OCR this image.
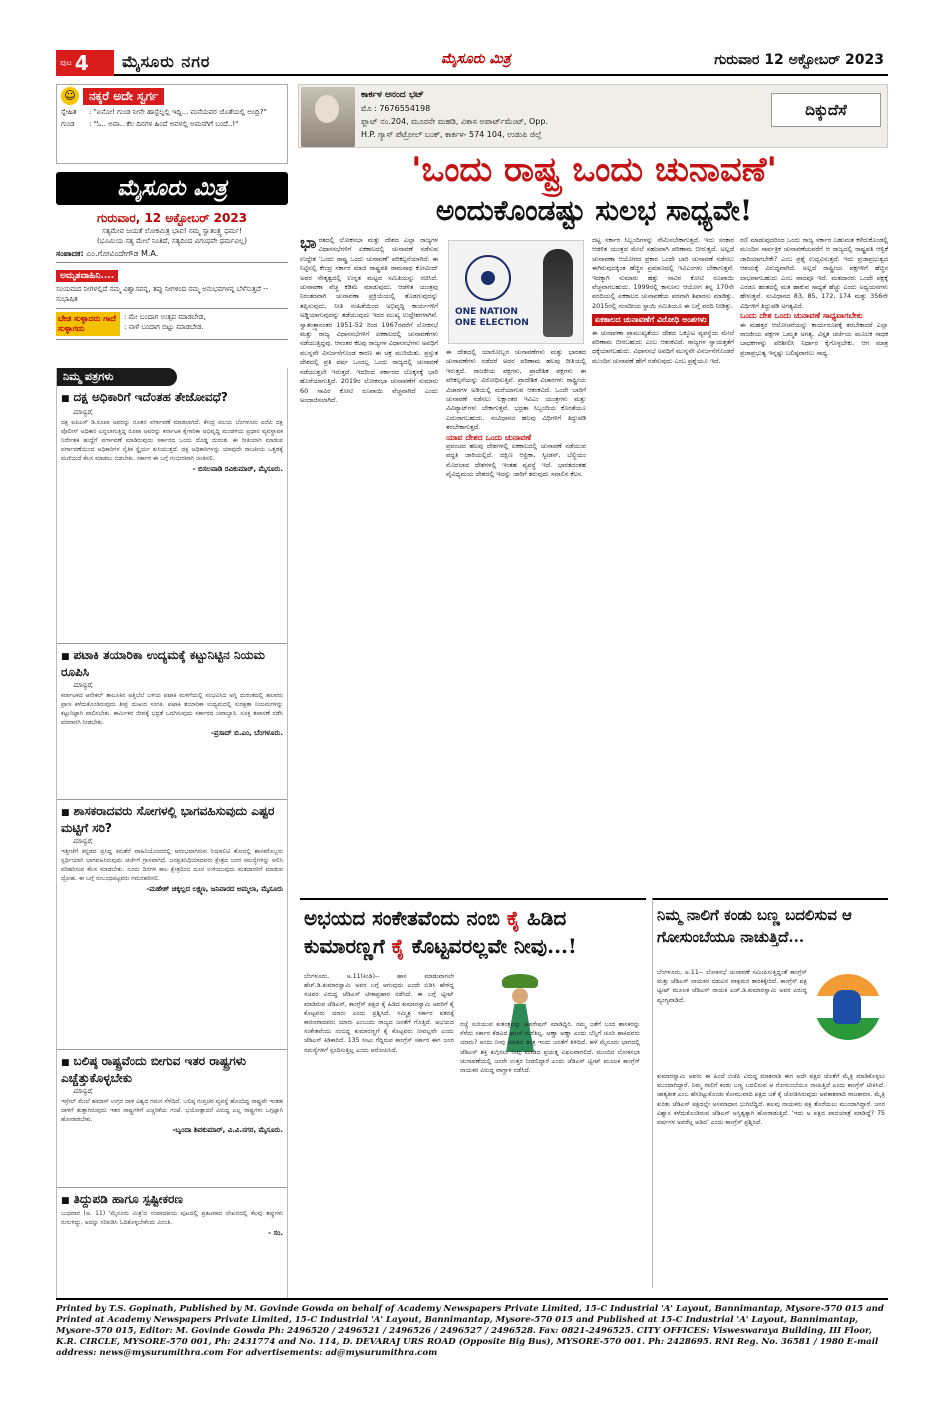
ಪುಟ 4 ಮೈಸೂರು ನಗರ	ಮೈಸೂರು ಮಿತ್ರ	ಗುರುವಾರ 12 ಅಕ್ಟೋಬರ್ 2023
☺	ನಕ್ಕರೆ ಅದೇ ಸ್ವರ್ಗ
ಸ್ನೇಹಿತ	: "ಏನೋ! ಗುಂಡ ನೀನೇ ಹಾಸ್ಟೆಲ್ನಲ್ಲಿ ಇದ್ದಿ... ಮನೆಯವರ ಜೊತೆಯಲ್ಲಿ ಅಂದ್ರಿ?"
ಗುಂಡ	: "ಓ.. ಅವಾ.. ಕೆಲ ದಿನಗಳ ಹಿಂದೆ ಅವಳಲ್ಲಿ ಅಮನಗಿಗೆ ಬಂದೆ..!"
ಮೈಸೂರು ಮಿತ್ರ
ಗುರುವಾರ, 12 ಅಕ್ಟೋಬರ್ 2023
ಸತ್ಯಮೇವ ಜಯತೆ ಲೋಕಮಿತ್ರ ಭಾವ! ನಮ್ಮ ಸ್ವಾತಂತ್ರ್ಯ ಧರ್ಮ!
(ಭೂಮಿಯ ಸತ್ಯ ಮೇಲೆ ನಿಂತಿದೆ, ಸತ್ಯದಿಂದ ವಿಗಂಧವೇ ಧರ್ಮವಿಲ್ಲ)
ಸಂಪಾದಕ: ಎಂ.ಗೋವಿಂದೇಗೌಡ M.A.
ಅಮೃತವಾಹಿನಿ....
ಸಂಯಮದ ನೀಗಳಲ್ಲಿದೆ ನಮ್ಮ ವಿಶ್ವಾಸವನ್ನ, ತಪ್ಪು ನೀಗಳಿಂದ ನಮ್ಮ ಅನುಭವಗಳನ್ನ ಬೆಳೆಸುತ್ತದೆ -- ಸುಭಾಷಿತ
ಬೇಡ ಸುಳ್ಳಾದರು ಗಾದೆ ಸುಳ್ಳಾಗದು
: ಮೇ ಬಂದಾಗ ಉತ್ಸವ ಮಾಡಬೇಡ,
: ನಾಳೆ ಬಂದಾಗ ಬಿಟ್ಟು ಮಾಡಬೇಡ.
ನಿಮ್ಮ ಪತ್ರಗಳು
■ ದಕ್ಷ ಅಧಿಕಾರಿಗೆ ಇದೆಂತಹ ತೇಜೋವಧೆ?
ಮಾನ್ಯರೆ,
ದಕ್ಷ ಐಪಿಎಸ್ ಡಿ.ರೂಪಾ ಅವರನ್ನು ನೂತನ ವರ್ಗಾವಣೆ ಮಾಡಲಾಗಿದೆ. ಕೇಂದ್ರ ವಲಯ ಬೆಂಗಳೂರು ಐಜಿಪಿ ದಕ್ಷ ಪೊಲೀಸ್ ಅಧಿಕಾರಿ ಎನ್ನಲಾಗುತ್ತಿದ್ದ ರೂಪಾ ಅವರನ್ನು ಕರ್ನಾಟಕ ಕೈಗಾರಿಕಾ ಅಭಿವೃದ್ಧಿ ಮಂಡಳಿಯ ಪ್ರಧಾನ ವ್ಯವಸ್ಥಾಪಕ ನಿರ್ದೇಶಕ ಹುದ್ದೆಗೆ ವರ್ಗಾವಣೆ ಮಾಡಿರುವುದು ಸರ್ಕಾರದ ಒಂದು ದೊಡ್ಡ ದುರಂತ. ಈ ರೀತಿಯಾಗಿ ಮಾಡುವ ವರ್ಗಾವಣೆಯಿಂದ ಅಧಿಕಾರಿಗಳ ನೈತಿಕ ಸ್ಥೈರ್ಯ ಕುಸಿಯುತ್ತದೆ. ದಕ್ಷ ಅಧಿಕಾರಿಗಳನ್ನು ಯಾವುದೇ ರಾಜಕೀಯ ಒತ್ತಡಕ್ಕೆ ಮಣಿಯದೆ ಕೆಲಸ ಮಾಡಲು ಬಿಡಬೇಕು. ಸರ್ಕಾರ ಈ ಬಗ್ಗೆ ಗಂಭೀರವಾಗಿ ಚಿಂತಿಸಲಿ.
- ಬಿಸಲವಾಡಿ ರವಿಕುಮಾರ್, ಮೈಸೂರು.
■ ಪಟಾಕಿ ತಯಾರಿಕಾ ಉದ್ಯಮಕ್ಕೆ ಕಟ್ಟುನಿಟ್ಟಿನ ನಿಯಮ ರೂಪಿಸಿ
ಮಾನ್ಯರೆ,
ಕರ್ನಾಟಕದ ಆನೇಕಲ್ ತಾಲೂಕಿನ ಅತ್ತಿಬೆಲೆ ಬಳಿಯ ಪಟಾಕಿ ಮಳಿಗೆಯಲ್ಲಿ ಸಂಭವಿಸಿದ ಅಗ್ನಿ ದುರಂತದಲ್ಲಿ ಹಲವರು ಪ್ರಾಣ ಕಳೆದುಕೊಂಡಿರುವುದು ತೀವ್ರ ದುಃಖದ ಸಂಗತಿ. ಪಟಾಕಿ ತಯಾರಿಕಾ ಉದ್ಯಮದಲ್ಲಿ ಸುರಕ್ಷತಾ ನಿಯಮಗಳನ್ನು ಕಟ್ಟುನಿಟ್ಟಾಗಿ ಪಾಲಿಸಬೇಕು. ಕಾರ್ಮಿಕರ ಜೀವಕ್ಕೆ ಭದ್ರತೆ ಒದಗಿಸುವುದು ಸರ್ಕಾರದ ಜವಾಬ್ದಾರಿ. ಸೂಕ್ತ ತಪಾಸಣೆ ನಡೆಸಿ ಪರವಾನಗಿ ನೀಡಬೇಕು.
-ಪ್ರಸಾದ್ ಬಿ.ಎಂ, ಬೆಂಗಳೂರು.
■ ಶಾಸಕರಾದವರು ಸೋಗಳಲ್ಲಿ ಭಾಗವಹಿಸುವುದು ಎಷ್ಟರ ಮಟ್ಟಿಗೆ ಸರಿ?
ಮಾನ್ಯರೆ,
ಇತ್ತೀಚೆಗೆ ಕನ್ನಡದ ಪ್ರಸಿದ್ಧ ಕಿರುತೆರೆ ವಾಹಿನಿಯೊಂದರಲ್ಲಿ ಆರಂಭವಾಗಿರುವ ರಿಯಾಲಿಟಿ ಶೋನಲ್ಲಿ ಶಾಸಕರೊಬ್ಬರು ಸ್ಪರ್ಧಿಯಾಗಿ ಭಾಗವಹಿಸಿರುವುದು ಚರ್ಚೆಗೆ ಗ್ರಾಸವಾಗಿದೆ. ಜನಪ್ರತಿನಿಧಿಯಾದವರು ಕ್ಷೇತ್ರದ ಜನರ ಸಮಸ್ಯೆಗಳನ್ನು ಆಲಿಸಿ ಪರಿಹರಿಸುವ ಕೆಲಸ ಮಾಡಬೇಕು. ನೂರು ದಿನಗಳ ಕಾಲ ಕ್ಷೇತ್ರದಿಂದ ದೂರ ಉಳಿಯುವುದು ಮತದಾರರಿಗೆ ಮಾಡುವ ದ್ರೋಹ. ಈ ಬಗ್ಗೆ ಸಂಬಂಧಪಟ್ಟವರು ಗಮನಹರಿಸಲಿ.
-ಮಹೇಶ್ ಚಿಕ್ಕಲ್ಲದ ಲಕ್ಷ್ಮಣ, ಜನಿವಾರದ ಅಮ್ಮಲಾ, ಮೈಸೂರು
■ ಬಲಿಷ್ಠ ರಾಷ್ಟ್ರವೆಂದು ಬೀಗುವ ಇತರ ರಾಷ್ಟ್ರಗಳು ಎಚ್ಚೆತ್ತುಕೊಳ್ಳಬೇಕು
ಮಾನ್ಯರೆ,
ಇಸ್ರೇಲ್ ಮೇಲೆ ಹಮಾಸ್ ಉಗ್ರರ ದಾಳಿ ವಿಶ್ವದ ಗಮನ ಸೆಳೆದಿದೆ. ಬಲಿಷ್ಠ ಗುಪ್ತಚರ ವ್ಯವಸ್ಥೆ ಹೊಂದಿದ್ದ ರಾಷ್ಟ್ರವೇ ಇಂತಹ ದಾಳಿಗೆ ತುತ್ತಾಗಿರುವುದು ಇತರ ರಾಷ್ಟ್ರಗಳಿಗೆ ಎಚ್ಚರಿಕೆಯ ಗಂಟೆ. ಭಯೋತ್ಪಾದನೆ ವಿರುದ್ಧ ಎಲ್ಲ ರಾಷ್ಟ್ರಗಳು ಒಗ್ಗಟ್ಟಾಗಿ ಹೋರಾಡಬೇಕು.
-ಬೃಂದಾ ಶಿವಕುಮಾರ್, ವಿ.ವಿ.ನಗರ, ಮೈಸೂರು.
■ ತಿದ್ದುಪಡಿ ಹಾಗೂ ಸ್ಪಷ್ಟೀಕರಣ
ಬುಧವಾರ (ಅ. 11) 'ಮೈಸೂರು ಮಿತ್ರ'ದ ಸಂಪಾದಕೀಯ ಪುಟದಲ್ಲಿ ಪ್ರಕಟವಾದ ಲೇಖನದಲ್ಲಿ ಕೆಲವು ತಪ್ಪುಗಳು ನುಸುಳಿದ್ದು, ಅದನ್ನು ಸರಿಪಡಿಸಿ ಓದಿಕೊಳ್ಳಬೇಕೆಂದು ವಿನಂತಿ.
- ಸಂ.
ಕಾರ್ಕಳ ಆನಂದ ಭಟ್
ಮೊ : 7676554198
ಫ್ಲಾಟ್ ನಂ.204, ಮೂರನೇ ಮಹಡಿ, ವಿಕಾಸ ಅಪಾರ್ಟ್‌ಮೆಂಟ್, Opp.
H.P. ಗ್ಯಾಸ್ ಪೆಟ್ರೋಲ್ ಬಂಕ್, ಕಾರ್ಕಳ- 574 104, ಉಡುಪಿ ಜಿಲ್ಲೆ
ದಿಕ್ಕುದೆಸೆ
'ಒಂದು ರಾಷ್ಟ್ರ ಒಂದು ಚುನಾವಣೆ'
ಅಂದುಕೊಂಡಷ್ಟು ಸುಲಭ ಸಾಧ್ಯವೇ!
ONE NATION
ONE ELECTION
ಭಾ ರತದಲ್ಲಿ ಲೋಕಸಭಾ ಮತ್ತು ದೇಶದ ಎಲ್ಲಾ ರಾಜ್ಯಗಳ ವಿಧಾನಸಭೆಗಳಿಗೆ ಏಕಕಾಲದಲ್ಲಿ ಚುನಾವಣೆ ನಡೆಸುವ ಉದ್ದೇಶ 'ಒಂದು ರಾಷ್ಟ್ರ ಒಂದು ಚುನಾವಣೆ' ಪರಿಕಲ್ಪನೆಯಾಗಿದೆ. ಈ ನಿಟ್ಟಿನಲ್ಲಿ ಕೇಂದ್ರ ಸರ್ಕಾರ ಮಾಜಿ ರಾಷ್ಟ್ರಪತಿ ರಾಮನಾಥ ಕೋವಿಂದ್ ಅವರ ನೇತೃತ್ವದಲ್ಲಿ ಉನ್ನತ ಮಟ್ಟದ ಸಮಿತಿಯನ್ನು ರಚಿಸಿದೆ. ಚುನಾವಣಾ ವೆಚ್ಚ ಕಡಿಮೆ ಮಾಡುವುದು, ಆಡಳಿತ ಯಂತ್ರವು ನಿರಂತರವಾಗಿ ಚುನಾವಣಾ ಪ್ರಕ್ರಿಯೆಯಲ್ಲಿ ತೊಡಗುವುದನ್ನು ತಪ್ಪಿಸುವುದು, ನೀತಿ ಸಂಹಿತೆಯಿಂದ ಅಭಿವೃದ್ಧಿ ಕಾರ್ಯಗಳಿಗೆ ಅಡ್ಡಿಯಾಗುವುದನ್ನು ತಡೆಯುವುದು ಇದರ ಮುಖ್ಯ ಉದ್ದೇಶಗಳಾಗಿವೆ. ಸ್ವಾತಂತ್ರ್ಯಾನಂತರ 1951-52 ರಿಂದ 1967ರವರೆಗೆ ಲೋಕಸಭೆ ಮತ್ತು ರಾಜ್ಯ ವಿಧಾನಸಭೆಗಳಿಗೆ ಏಕಕಾಲದಲ್ಲಿ ಚುನಾವಣೆಗಳು ನಡೆಯುತ್ತಿದ್ದವು. ಆನಂತರ ಕೆಲವು ರಾಜ್ಯಗಳ ವಿಧಾನಸಭೆಗಳು ಅವಧಿಗೆ ಮುನ್ನವೇ ವಿಸರ್ಜನೆಗೊಂಡ ಕಾರಣ ಈ ಚಕ್ರ ಮುರಿಯಿತು. ಪ್ರಸ್ತುತ ದೇಶದಲ್ಲಿ ಪ್ರತಿ ವರ್ಷ ಒಂದಲ್ಲ ಒಂದು ರಾಜ್ಯದಲ್ಲಿ ಚುನಾವಣೆ ನಡೆಯುತ್ತಲೇ ಇರುತ್ತದೆ. ಇದರಿಂದ ಸರ್ಕಾರದ ಬೊಕ್ಕಸಕ್ಕೆ ಭಾರಿ ಹೊರೆಯಾಗುತ್ತಿದೆ. 2019ರ ಲೋಕಸಭಾ ಚುನಾವಣೆಗೆ ಸುಮಾರು 60 ಸಾವಿರ ಕೋಟಿ ರೂಪಾಯಿ ವೆಚ್ಚವಾಗಿದೆ ಎಂದು ಅಂದಾಜಿಸಲಾಗಿದೆ.
ಈ ದೇಶದಲ್ಲಿ ಯಾರೋಬ್ಬರ ಚುನಾವಣೆಗಳು ಮತ್ತು ಭಾರತದ ಚುನಾವಣೆಗಳು ನಡೆದರೆ ಅದರ ಪರಿಣಾಮ ಹಲವು ರೀತಿಯಲ್ಲಿ ಇರುತ್ತದೆ. ರಾಜಕೀಯ ಪಕ್ಷಗಳು, ಪ್ರಾದೇಶಿಕ ಪಕ್ಷಗಳು ಈ ಪರಿಕಲ್ಪನೆಯನ್ನು ವಿರೋಧಿಸುತ್ತಿವೆ. ಪ್ರಾದೇಶಿಕ ವಿಚಾರಗಳು ರಾಷ್ಟ್ರೀಯ ವಿಚಾರಗಳ ಅಡಿಯಲ್ಲಿ ಮರೆಯಾಗುವ ಆತಂಕವಿದೆ. ಒಂದೇ ಬಾರಿಗೆ ಚುನಾವಣೆ ನಡೆಸಲು ಲಕ್ಷಾಂತರ ಇವಿಎಂ ಯಂತ್ರಗಳು ಮತ್ತು ವಿವಿಪ್ಯಾಟ್‌ಗಳು ಬೇಕಾಗುತ್ತವೆ. ಭದ್ರತಾ ಸಿಬ್ಬಂದಿಯ ಕೊರತೆಯೂ ಎದುರಾಗಬಹುದು. ಸಂವಿಧಾನದ ಹಲವು ವಿಧಿಗಳಿಗೆ ತಿದ್ದುಪಡಿ ತರಬೇಕಾಗುತ್ತದೆ.
ಯಾವ ದೇಶದ ಒಂದು ಚುನಾವಣೆ
ಪ್ರಪಂಚದ ಹಲವು ದೇಶಗಳಲ್ಲಿ ಏಕಕಾಲದಲ್ಲಿ ಚುನಾವಣೆ ನಡೆಯುವ ಪದ್ಧತಿ ಜಾರಿಯಲ್ಲಿದೆ. ದಕ್ಷಿಣ ಆಫ್ರಿಕಾ, ಸ್ವೀಡನ್, ಬೆಲ್ಜಿಯಂ ಮೊದಲಾದ ದೇಶಗಳಲ್ಲಿ ಇಂತಹ ವ್ಯವಸ್ಥೆ ಇದೆ. ಭಾರತದಂತಹ ವೈವಿಧ್ಯಮಯ ದೇಶದಲ್ಲಿ ಇದನ್ನು ಜಾರಿಗೆ ತರುವುದು ಸವಾಲಿನ ಕೆಲಸ.
ದಟ್ಟ ಸರ್ಕಾರ ಸಿಬ್ಬಂದಿಗಳನ್ನು ನೇಮಿಸಬೇಕಾಗುತ್ತದೆ. ಇದು ಸರಕಾರ ಆಡಳಿತ ಯಂತ್ರದ ಮೇಲೆ ಸಹಜವಾಗಿ ಪರಿಣಾಮ ಬೀರುತ್ತದೆ. ಅಲ್ಲದೆ ಚುನಾವಣಾ ಆಯೋಗದ ಪ್ರಕಾರ ಒಂದೇ ಬಾರಿ ಚುನಾವಣೆ ನಡೆಸಲು ಈಗಿರುವುದಕ್ಕಿಂತ ಹೆಚ್ಚಿನ ಪ್ರಮಾಣದಲ್ಲಿ ಇವಿಎಂಗಳು ಬೇಕಾಗುತ್ತವೆ. ಇದಕ್ಕಾಗಿ ಸುಮಾರು ಹತ್ತು ಸಾವಿರ ಕೋಟಿ ರೂಪಾಯಿ ವೆಚ್ಚವಾಗಬಹುದು. 1999ರಲ್ಲಿ ಕಾನೂನು ಆಯೋಗ ತನ್ನ 170ನೇ ವರದಿಯಲ್ಲಿ ಏಕಕಾಲದ ಚುನಾವಣೆಯ ಪರವಾಗಿ ಶಿಫಾರಸು ಮಾಡಿತ್ತು. 2015ರಲ್ಲಿ ಸಂಸದೀಯ ಸ್ಥಾಯಿ ಸಮಿತಿಯೂ ಈ ಬಗ್ಗೆ ವರದಿ ನೀಡಿತ್ತು.
ಏಕಕಾಲದ ಚುನಾವಣೆಗೆ ವಿರೋಧಿ ಅಂಶಗಳು
ಈ ಚುನಾವಣಾ ಪ್ರಾಮುಖ್ಯತೆಯು ದೇಶದ ಒಕ್ಕೂಟ ವ್ಯವಸ್ಥೆಯ ಮೇಲೆ ಪರಿಣಾಮ ಬೀರಬಹುದು ಎಂಬ ಆತಂಕವಿದೆ. ರಾಜ್ಯಗಳ ಸ್ವಾಯತ್ತತೆಗೆ ಧಕ್ಕೆಯಾಗಬಹುದು. ವಿಧಾನಸಭೆ ಅವಧಿಗೆ ಮುನ್ನವೇ ವಿಸರ್ಜನೆಗೊಂಡರೆ ಮುಂದಿನ ಚುನಾವಣೆ ಹೇಗೆ ನಡೆಸುವುದು ಎಂಬ ಪ್ರಶ್ನೆಯೂ ಇದೆ.
ರಣಿ ಮಾಡುವುದರಿಂದ ಒಂದು ರಾಜ್ಯ ಸರ್ಕಾರ ಬಹುಮತ ಕಳೆದುಕೊಂಡಲ್ಲಿ ಮುಂದಿನ ಸಾರ್ವತ್ರಿಕ ಚುನಾವಣೆಯವರೆಗೆ ಆ ರಾಜ್ಯದಲ್ಲಿ ರಾಷ್ಟ್ರಪತಿ ಆಳ್ವಿಕೆ ಜಾರಿಯಾಗಬೇಕೇ? ಎಂಬ ಪ್ರಶ್ನೆ ಉದ್ಭವಿಸುತ್ತದೆ. ಇದು ಪ್ರಜಾಪ್ರಭುತ್ವದ ಆಶಯಕ್ಕೆ ವಿರುದ್ಧವಾಗಿದೆ. ಅಲ್ಲದೆ ರಾಷ್ಟ್ರೀಯ ಪಕ್ಷಗಳಿಗೆ ಹೆಚ್ಚಿನ ಲಾಭವಾಗಬಹುದು ಎಂಬ ವಾದವೂ ಇದೆ. ಮತದಾರರು ಒಂದೇ ಪಕ್ಷಕ್ಕೆ ಎರಡೂ ಹಂತದಲ್ಲಿ ಮತ ಹಾಕುವ ಸಾಧ್ಯತೆ ಹೆಚ್ಚು ಎಂದು ಅಧ್ಯಯನಗಳು ಹೇಳುತ್ತವೆ. ಸಂವಿಧಾನದ 83, 85, 172, 174 ಮತ್ತು 356ನೇ ವಿಧಿಗಳಿಗೆ ತಿದ್ದುಪಡಿ ಅಗತ್ಯವಿದೆ.
ಒಂದು ದೇಶ ಒಂದು ಚುನಾವಣೆ ಸಾಧ್ಯವಾಗಬೇಕು
ಈ ಮಹತ್ತರ ಆಲೋಚನೆಯನ್ನು ಕಾರ್ಯರೂಪಕ್ಕೆ ತರಬೇಕಾದರೆ ಎಲ್ಲಾ ರಾಜಕೀಯ ಪಕ್ಷಗಳ ಒಮ್ಮತ ಅಗತ್ಯ. ವಿಸ್ತೃತ ಚರ್ಚೆಯ ಮೂಲಕ ಸಾಧಕ ಬಾಧಕಗಳನ್ನು ಪರಿಶೀಲಿಸಿ ನಿರ್ಧಾರ ಕೈಗೊಳ್ಳಬೇಕು. ಆಗ ಮಾತ್ರ ಪ್ರಜಾಪ್ರಭುತ್ವ ಇನ್ನಷ್ಟು ಬಲಿಷ್ಠವಾಗಲು ಸಾಧ್ಯ.
ಅಭಯದ ಸಂಕೇತವೆಂದು ನಂಬಿ ಕೈ ಹಿಡಿದ ಕುಮಾರಣ್ಣಗೆ ಕೈ ಕೊಟ್ಟವರಲ್ಲವೇ ನೀವು...!
ಬೆಂಗಳೂರು, ಅ.11(ಕಿಂಡಿ)-- ಹಾಸ ಮಾಡುವಾಗಲೇ ಹೆಚ್.ಡಿ.ಕುಮಾರಸ್ವಾಮಿ ಅವರ ಬಗ್ಗೆ ಆಗುವುದು ಎಂದೇ ಬಿಡಿಸಿ ಹೇಳಿದ್ದ ಸಚಿವರ ವಿರುದ್ಧ ಜೆಡಿಎಸ್ ಟೀಕಾಪ್ರಹಾರ ನಡೆಸಿದೆ. ಈ ಬಗ್ಗೆ ಟ್ವೀಟ್ ಮಾಡಿರುವ ಜೆಡಿಎಸ್, ಕಾಂಗ್ರೆಸ್ ಪಕ್ಷದ ಕೈ ಹಿಡಿದ ಕುಮಾರಸ್ವಾಮಿ ಅವರಿಗೆ ಕೈ ಕೊಟ್ಟವರು ಯಾರು ಎಂದು ಪ್ರಶ್ನಿಸಿದೆ. ಸಮ್ಮಿಶ್ರ ಸರ್ಕಾರ ಪತನಕ್ಕೆ ಕಾರಣರಾದವರು ಯಾರು ಎಂಬುದು ರಾಜ್ಯದ ಜನತೆಗೆ ಗೊತ್ತಿದೆ. ಅಭಯದ ಸಂಕೇತವೆಂದು ನಂಬಿದ್ದ ಕುಮಾರಣ್ಣಗೆ ಕೈ ಕೊಟ್ಟವರು ನೀವಲ್ಲವೇ ಎಂದು ಜೆಡಿಎಸ್ ಕಿಡಿಕಾರಿದೆ. 135 ಸೀಟು ಗೆದ್ದಿರುವ ಕಾಂಗ್ರೆಸ್ ಸರ್ಕಾರ ಈಗ ಜನರ ಸಮಸ್ಯೆಗಳಿಗೆ ಸ್ಪಂದಿಸುತ್ತಿಲ್ಲ ಎಂದು ಆರೋಪಿಸಿದೆ.
ರಚ್ಚೆ ಸುರಿಯುವ ಕುತಂತ್ರವನ್ನು ಆಪರೇಷನ್ ಮಾಡಿದ್ದಿರಿ. ನಮ್ಮ ಜತೆಗೆ ಬಂದ ಶಾಸಕರನ್ನು ಸೆಳೆದು ಸರ್ಕಾರ ಕೆಡವಿದ ಘಟನೆ ಮರೆತಿಲ್ಲ. ಅಣ್ಣಾ ಅಣ್ಣಾ ಎಂದು ಬೆನ್ನಿಗೆ ಚೂರಿ ಹಾಕಿದವರು ಯಾರು? ಅಂದು ನೀವು ಮಾಡಿದ ತಂತ್ರ ಇಂದು ಜನತೆಗೆ ತಿಳಿದಿದೆ. ಹಳೆ ಮೈಸೂರು ಭಾಗದಲ್ಲಿ ಜೆಡಿಎಸ್ ಶಕ್ತಿ ಕುಗ್ಗಿಸಲು ನೀವು ಮಾಡಿದ ಪ್ರಯತ್ನ ವಿಫಲವಾಗಲಿದೆ. ಮುಂದಿನ ಲೋಕಸಭಾ ಚುನಾವಣೆಯಲ್ಲಿ ಜನರೇ ಉತ್ತರ ನೀಡಲಿದ್ದಾರೆ ಎಂದು ಜೆಡಿಎಸ್ ಟ್ವೀಟ್ ಮೂಲಕ ಕಾಂಗ್ರೆಸ್ ನಾಯಕರ ವಿರುದ್ಧ ವಾಗ್ದಾಳಿ ನಡೆಸಿದೆ.
ನಿಮ್ಮ ನಾಲಿಗೆ ಕಂಡು ಬಣ್ಣ ಬದಲಿಸುವ ಆ ಗೋಸುಂಬೆಯೂ ನಾಚುತ್ತಿದೆ...
ಬೆಂಗಳೂರು, ಅ.11-- ಲೋಕಸಭೆ ಚುನಾವಣೆ ಸಮೀಪಿಸುತ್ತಿದ್ದಂತೆ ಕಾಂಗ್ರೆಸ್ ಮತ್ತು ಜೆಡಿಎಸ್ ನಾಯಕರ ನಡುವಿನ ವಾಕ್ಸಮರ ತಾರಕಕ್ಕೇರಿದೆ. ಕಾಂಗ್ರೆಸ್ ಪಕ್ಷ ಟ್ವೀಟ್ ಮೂಲಕ ಜೆಡಿಎಸ್ ನಾಯಕ ಎಚ್.ಡಿ.ಕುಮಾರಸ್ವಾಮಿ ಅವರ ವಿರುದ್ಧ ವ್ಯಂಗ್ಯವಾಡಿದೆ.
ಕುಮಾರಸ್ವಾಮಿ ಅವರು ಈ ಹಿಂದೆ ಬಿಜೆಪಿ ವಿರುದ್ಧ ಮಾತನಾಡಿ ಈಗ ಅದೇ ಪಕ್ಷದ ಜೊತೆಗೆ ಮೈತ್ರಿ ಮಾಡಿಕೊಳ್ಳಲು ಮುಂದಾಗಿದ್ದಾರೆ. ನಿಮ್ಮ ನಾಲಿಗೆ ಕಂಡು ಬಣ್ಣ ಬದಲಿಸುವ ಆ ಗೋಸುಂಬೆಯೂ ನಾಚುತ್ತಿದೆ ಎಂದು ಕಾಂಗ್ರೆಸ್ ಟೀಕಿಸಿದೆ. ಜಾತ್ಯತೀತ ಎಂಬ ಹೆಸರಿಟ್ಟುಕೊಂಡು ಕೋಮುವಾದಿ ಪಕ್ಷದ ಜತೆ ಕೈ ಜೋಡಿಸಿರುವುದು ಅವಕಾಶವಾದಿ ರಾಜಕಾರಣ. ಮೈತ್ರಿ ಕುರಿತು ಜೆಡಿಎಸ್ ಪಕ್ಷದಲ್ಲೇ ಅಸಮಾಧಾನ ಭುಗಿಲೆದ್ದಿದೆ. ಹಲವು ನಾಯಕರು ಪಕ್ಷ ತೊರೆಯಲು ಮುಂದಾಗಿದ್ದಾರೆ. ಜನರ ವಿಶ್ವಾಸ ಕಳೆದುಕೊಂಡಿರುವ ಜೆಡಿಎಸ್ ಅಸ್ತಿತ್ವಕ್ಕಾಗಿ ಹೋರಾಡುತ್ತಿದೆ. 'ಇದು ಅ ಪಕ್ಷದ ಪಾದಯಾತ್ರೆ ಮಾಡಿದ್ದೆ? 75 ವರ್ಷಗಳ ಅವರೆಲ್ಲ ಆಡಿದ' ಎಂದು ಕಾಂಗ್ರೆಸ್ ಪ್ರಶ್ನಿಸಿದೆ.
Printed by T.S. Gopinath, Published by M. Govinde Gowda on behalf of Academy Newspapers Private Limited, 15-C Industrial 'A' Layout, Bannimantap, Mysore-570 015 and Printed at Academy Newspapers Private Limited, 15-C Industrial 'A' Layout, Bannimantap, Mysore-570 015 and Published at 15-C Industrial 'A' Layout, Bannimantap, Mysore-570 015, Editor: M. Govinde Gowda Ph: 2496520 / 2496521 / 2496526 / 2496527 / 2496528. Fax: 0821-2496525. CITY OFFICES: Visweswaraya Building, III Floor, K.R. CIRCLE, MYSORE-570 001, Ph: 2431774 and No. 114, D. DEVARAJ URS ROAD (Opposite Big Bus), MYSORE-570 001. Ph: 2428695. RNI Reg. No. 36581 / 1980 E-mail address: news@mysurumithra.com For advertisements: ad@mysurumithra.com
